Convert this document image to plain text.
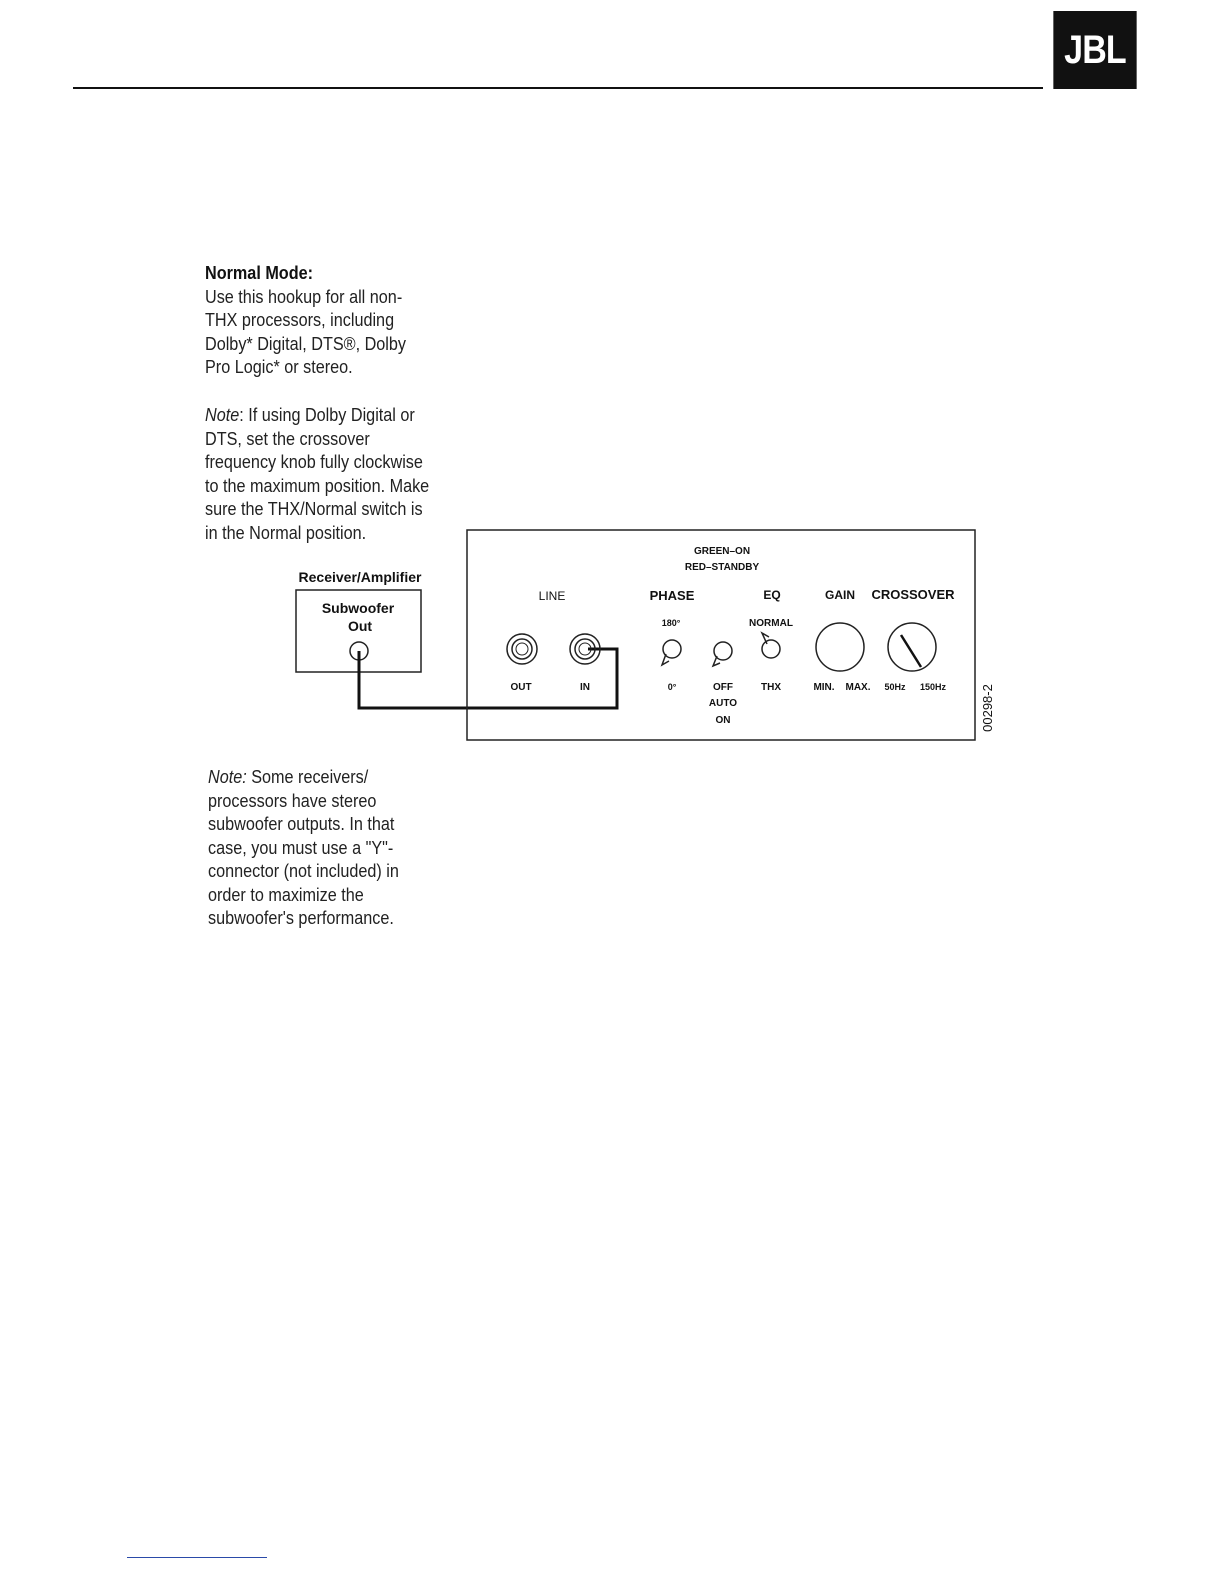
JBL

Normal Mode:

Use this hookup for all non-

THX processors, including

Dolby* Digital, DTS®, Dolby

Pro Logic* or stereo.

Note: If using Dolby Digital or

DTS, set the crossover

frequency knob fully clockwise

to the maximum position. Make

sure the THX/Normal switch is

in the Normal position.

Receiver/Amplifier
Subwoofer
Out
GREEN–ON
RED–STANDBY
LINE	PHASE	EQ	GAIN CROSSOVER
180°	NORMAL
OUT	IN	0°	OFF
AUTO
ON
THX	MIN. MAX. 50Hz 150Hz	00298-2

Note: Some receivers/

processors have stereo

subwoofer outputs. In that

case, you must use a "Y"-

connector (not included) in

order to maximize the

subwoofer's performance.
